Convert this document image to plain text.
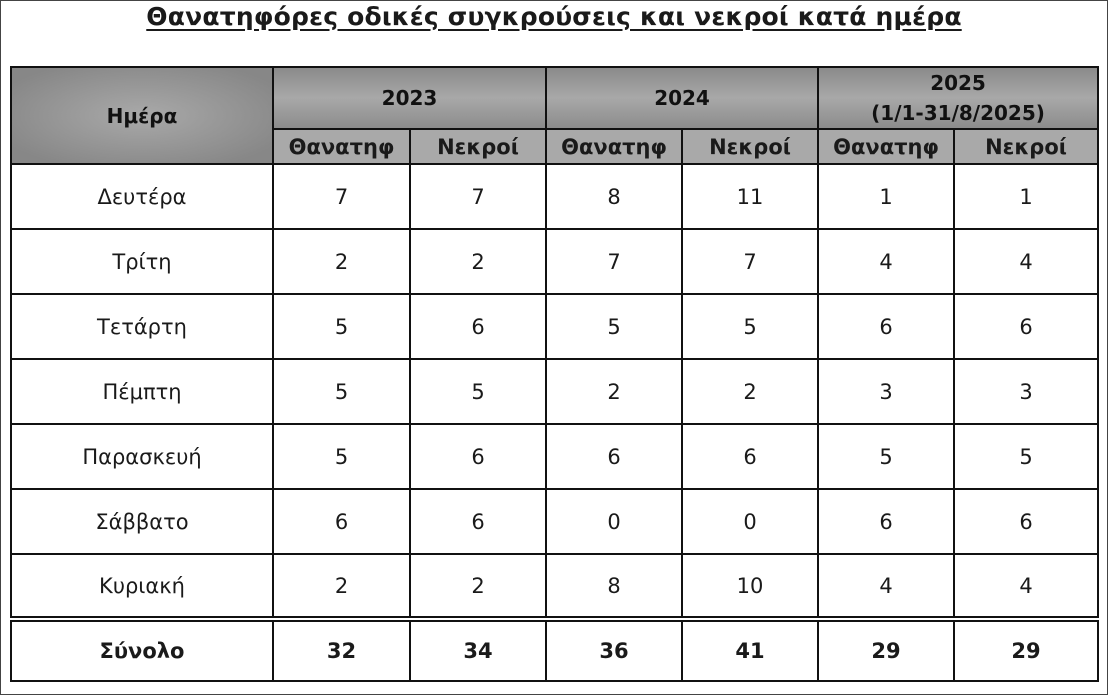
Θανατηφόρες οδικές συγκρούσεις και νεκροί κατά ημέρα
Ημέρα	2023		2024		2025
(1/1-31/8/2025)	
	Θανατηφ	Νεκροί	Θανατηφ	Νεκροί	Θανατηφ	Νεκροί
Δευτέρα	7	7	8	11	1	1
Τρίτη	2	2	7	7	4	4
Τετάρτη	5	6	5	5	6	6
Πέμπτη	5	5	2	2	3	3
Παρασκευή	5	6	6	6	5	5
Σάββατο	6	6	0	0	6	6
Κυριακή	2	2	8	10	4	4
Σύνολο	32	34	36	41	29	29
